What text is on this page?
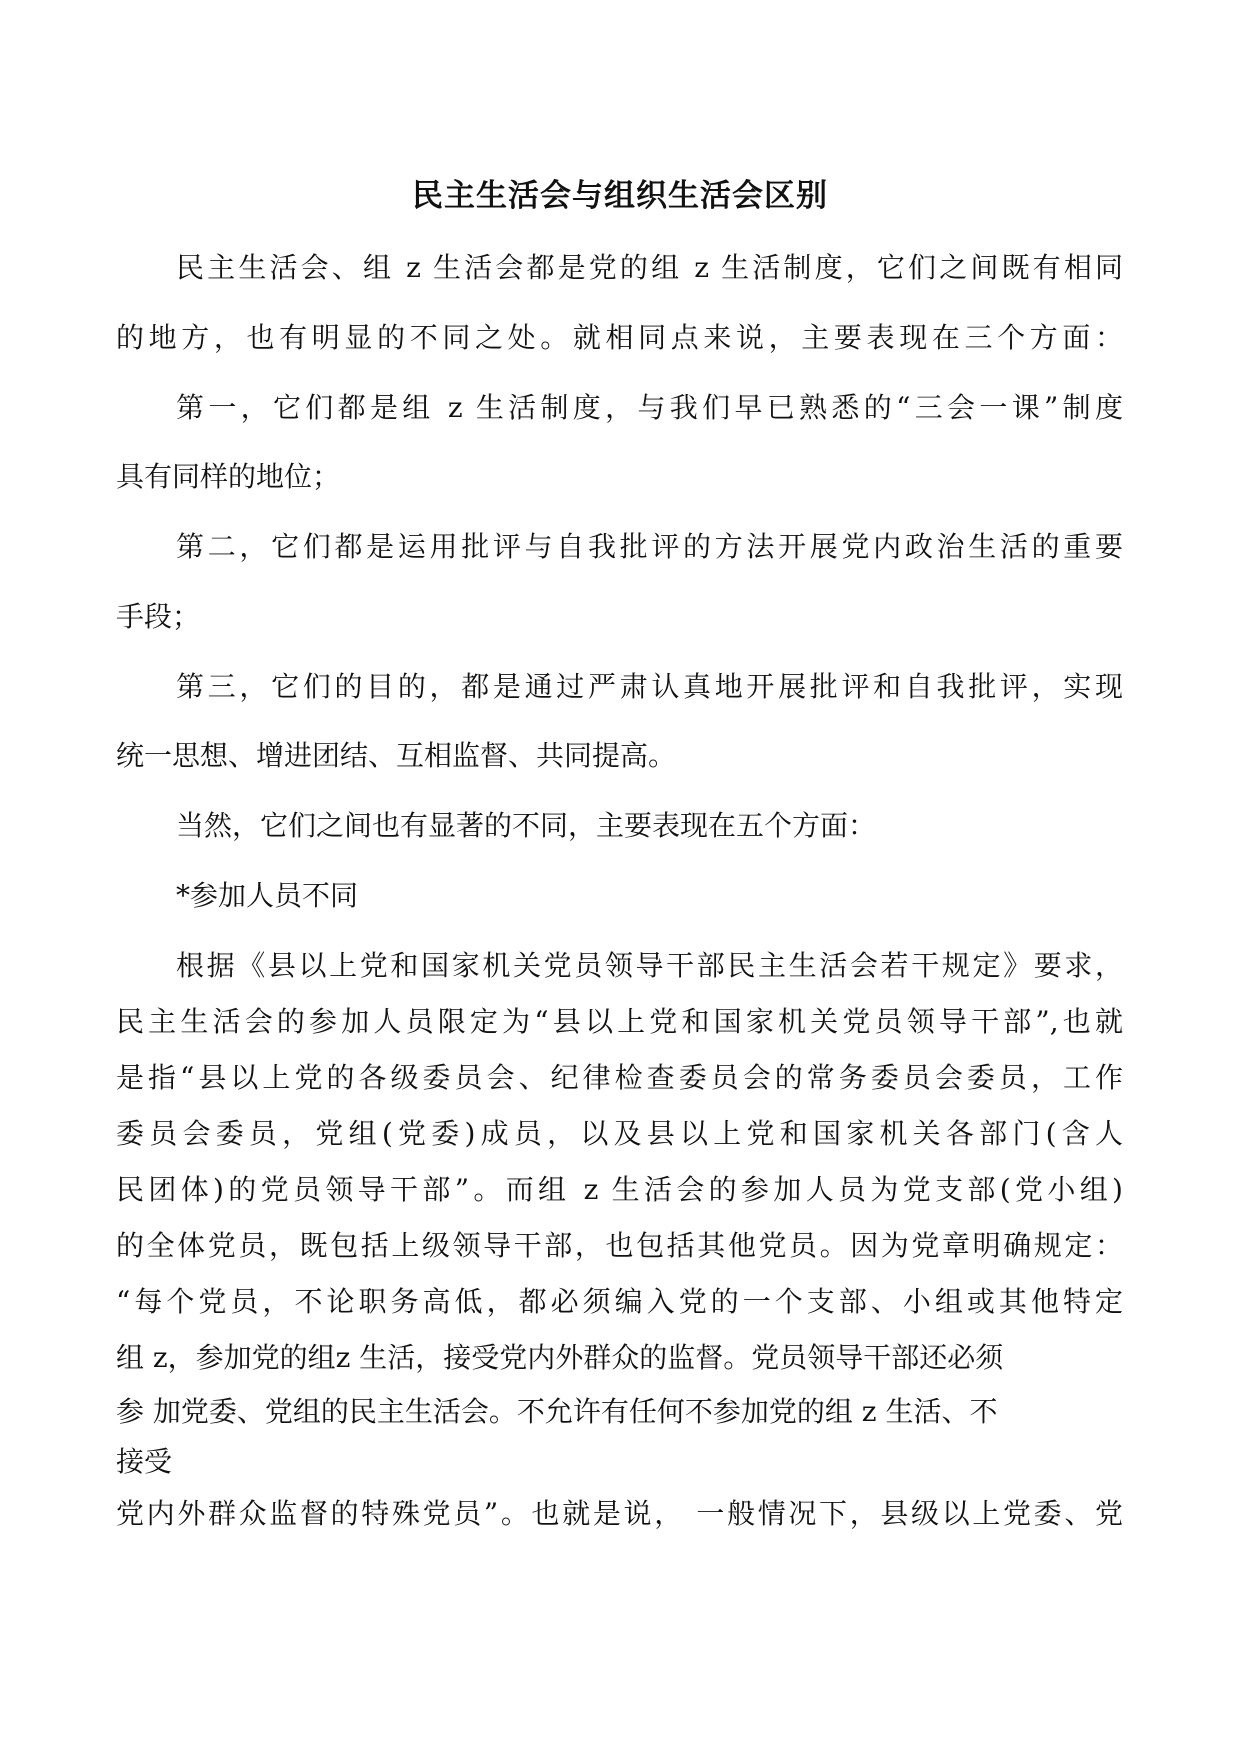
民主生活会与组织生活会区别
民主生活会、组 z 生活会都是党的组 z 生活制度，它们之间既有相同
的地方，也有明显的不同之处。就相同点来说，主要表现在三个方面：
第一，它们都是组 z 生活制度，与我们早已熟悉的“三会一课”制度
具有同样的地位；
第二，它们都是运用批评与自我批评的方法开展党内政治生活的重要
手段；
第三，它们的目的，都是通过严肃认真地开展批评和自我批评，实现
统一思想、增进团结、互相监督、共同提高。
当然，它们之间也有显著的不同，主要表现在五个方面：
*参加人员不同
根据《县以上党和国家机关党员领导干部民主生活会若干规定》要求，
民主生活会的参加人员限定为“县以上党和国家机关党员领导干部”,也就
是指“县以上党的各级委员会、纪律检查委员会的常务委员会委员，工作
委员会委员，党组(党委)成员，以及县以上党和国家机关各部门(含人
民团体)的党员领导干部”。而组 z 生活会的参加人员为党支部(党小组)
的全体党员，既包括上级领导干部，也包括其他党员。因为党章明确规定：
“每个党员，不论职务高低，都必须编入党的一个支部、小组或其他特定
组 z，参加党的组z 生活，接受党内外群众的监督。党员领导干部还必须
参 加党委、党组的民主生活会。不允许有任何不参加党的组 z 生活、不
接受
党内外群众监督的特殊党员”。也就是说， 一般情况下，县级以上党委、党
